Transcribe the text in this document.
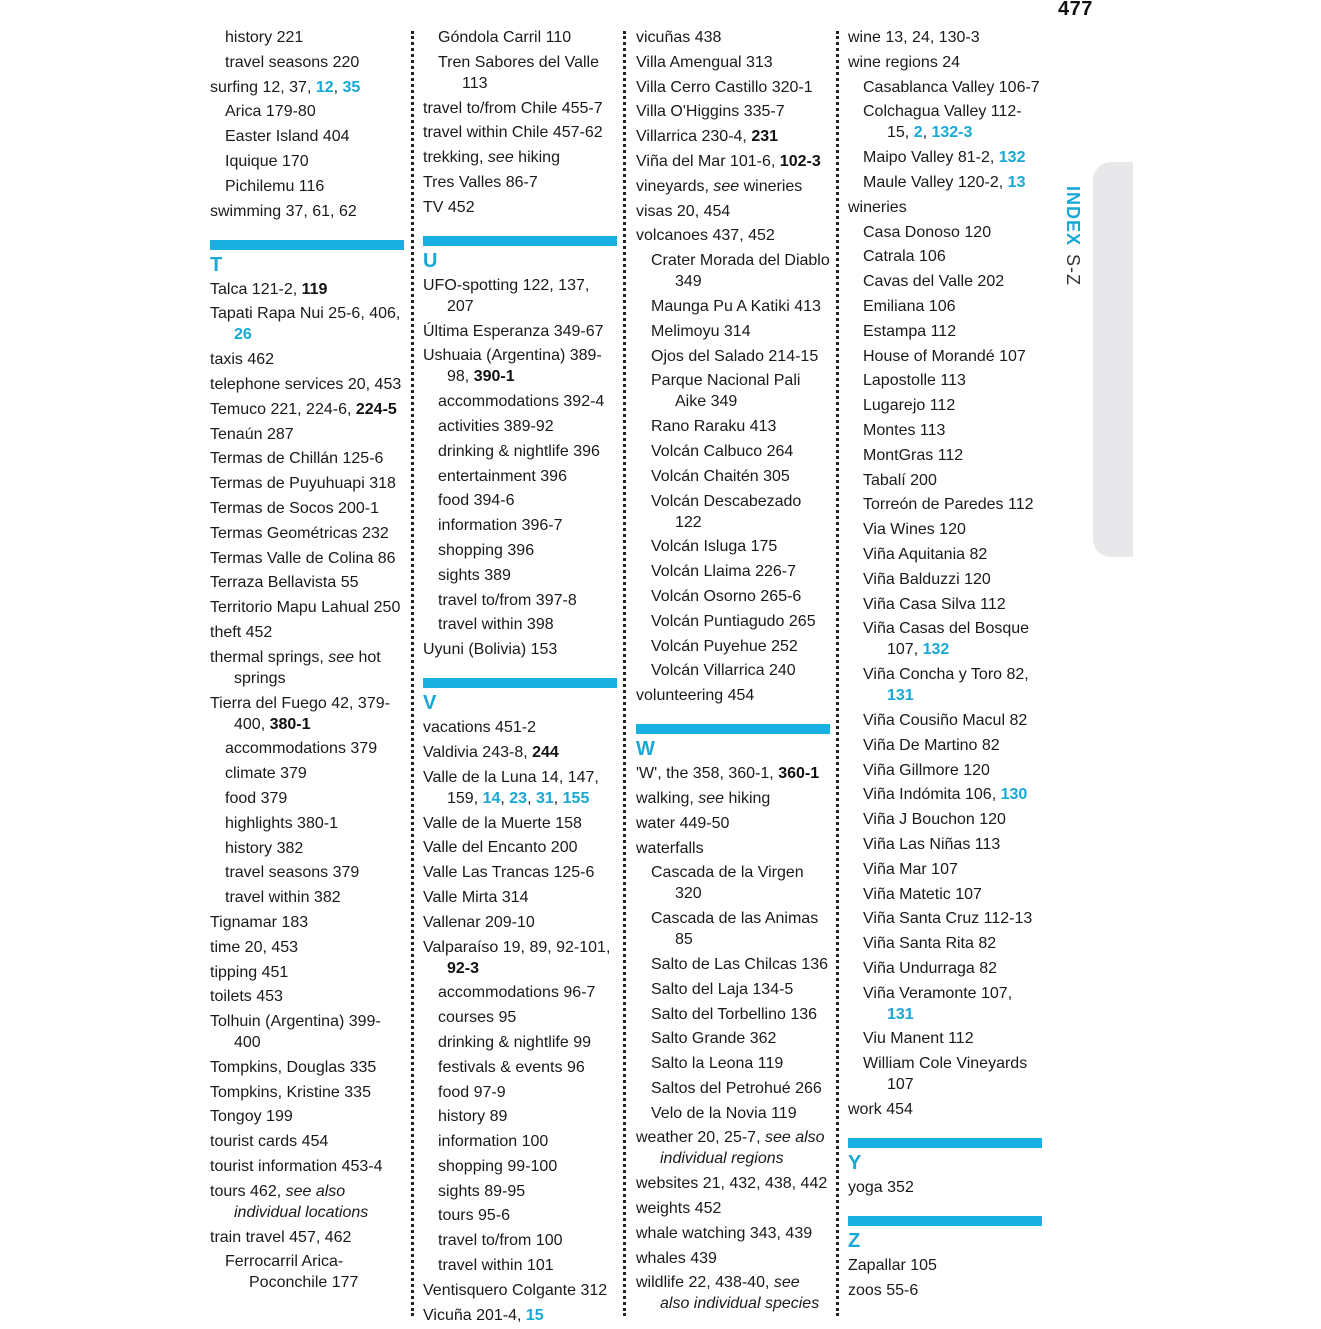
477
INDEXS-Z
history 221
travel seasons 220
surfing 12, 37, 12, 35
Arica 179-80
Easter Island 404
Iquique 170
Pichilemu 116
swimming 37, 61, 62
T
Talca 121-2, 119
Tapati Rapa Nui 25-6, 406, 26
taxis 462
telephone services 20, 453
Temuco 221, 224-6, 224-5
Tenaún 287
Termas de Chillán 125-6
Termas de Puyuhuapi 318
Termas de Socos 200-1
Termas Geométricas 232
Termas Valle de Colina 86
Terraza Bellavista 55
Territorio Mapu Lahual 250
theft 452
thermal springs, see hot springs
Tierra del Fuego 42, 379-400, 380-1
accommodations 379
climate 379
food 379
highlights 380-1
history 382
travel seasons 379
travel within 382
Tignamar 183
time 20, 453
tipping 451
toilets 453
Tolhuin (Argentina) 399-400
Tompkins, Douglas 335
Tompkins, Kristine 335
Tongoy 199
tourist cards 454
tourist information 453-4
tours 462, see also individual locations
train travel 457, 462
Ferrocarril Arica-Poconchile 177
Góndola Carril 110
Tren Sabores del Valle 113
travel to/from Chile 455-7
travel within Chile 457-62
trekking, see hiking
Tres Valles 86-7
TV 452
U
UFO-spotting 122, 137, 207
Última Esperanza 349-67
Ushuaia (Argentina) 389-98, 390-1
accommodations 392-4
activities 389-92
drinking & nightlife 396
entertainment 396
food 394-6
information 396-7
shopping 396
sights 389
travel to/from 397-8
travel within 398
Uyuni (Bolivia) 153
V
vacations 451-2
Valdivia 243-8, 244
Valle de la Luna 14, 147, 159, 14, 23, 31, 155
Valle de la Muerte 158
Valle del Encanto 200
Valle Las Trancas 125-6
Valle Mirta 314
Vallenar 209-10
Valparaíso 19, 89, 92-101, 92-3
accommodations 96-7
courses 95
drinking & nightlife 99
festivals & events 96
food 97-9
history 89
information 100
shopping 99-100
sights 89-95
tours 95-6
travel to/from 100
travel within 101
Ventisquero Colgante 312
Vicuña 201-4, 15
vicuñas 438
Villa Amengual 313
Villa Cerro Castillo 320-1
Villa O'Higgins 335-7
Villarrica 230-4, 231
Viña del Mar 101-6, 102-3
vineyards, see wineries
visas 20, 454
volcanoes 437, 452
Crater Morada del Diablo 349
Maunga Pu A Katiki 413
Melimoyu 314
Ojos del Salado 214-15
Parque Nacional Pali Aike 349
Rano Raraku 413
Volcán Calbuco 264
Volcán Chaitén 305
Volcán Descabezado 122
Volcán Isluga 175
Volcán Llaima 226-7
Volcán Osorno 265-6
Volcán Puntiagudo 265
Volcán Puyehue 252
Volcán Villarrica 240
volunteering 454
W
'W', the 358, 360-1, 360-1
walking, see hiking
water 449-50
waterfalls
Cascada de la Virgen 320
Cascada de las Animas 85
Salto de Las Chilcas 136
Salto del Laja 134-5
Salto del Torbellino 136
Salto Grande 362
Salto la Leona 119
Saltos del Petrohué 266
Velo de la Novia 119
weather 20, 25-7, see also individual regions
websites 21, 432, 438, 442
weights 452
whale watching 343, 439
whales 439
wildlife 22, 438-40, see also individual species
wine 13, 24, 130-3
wine regions 24
Casablanca Valley 106-7
Colchagua Valley 112-15, 2, 132-3
Maipo Valley 81-2, 132
Maule Valley 120-2, 13
wineries
Casa Donoso 120
Catrala 106
Cavas del Valle 202
Emiliana 106
Estampa 112
House of Morandé 107
Lapostolle 113
Lugarejo 112
Montes 113
MontGras 112
Tabalí 200
Torreón de Paredes 112
Via Wines 120
Viña Aquitania 82
Viña Balduzzi 120
Viña Casa Silva 112
Viña Casas del Bosque 107, 132
Viña Concha y Toro 82, 131
Viña Cousiño Macul 82
Viña De Martino 82
Viña Gillmore 120
Viña Indómita 106, 130
Viña J Bouchon 120
Viña Las Niñas 113
Viña Mar 107
Viña Matetic 107
Viña Santa Cruz 112-13
Viña Santa Rita 82
Viña Undurraga 82
Viña Veramonte 107, 131
Viu Manent 112
William Cole Vineyards 107
work 454
Y
yoga 352
Z
Zapallar 105
zoos 55-6
